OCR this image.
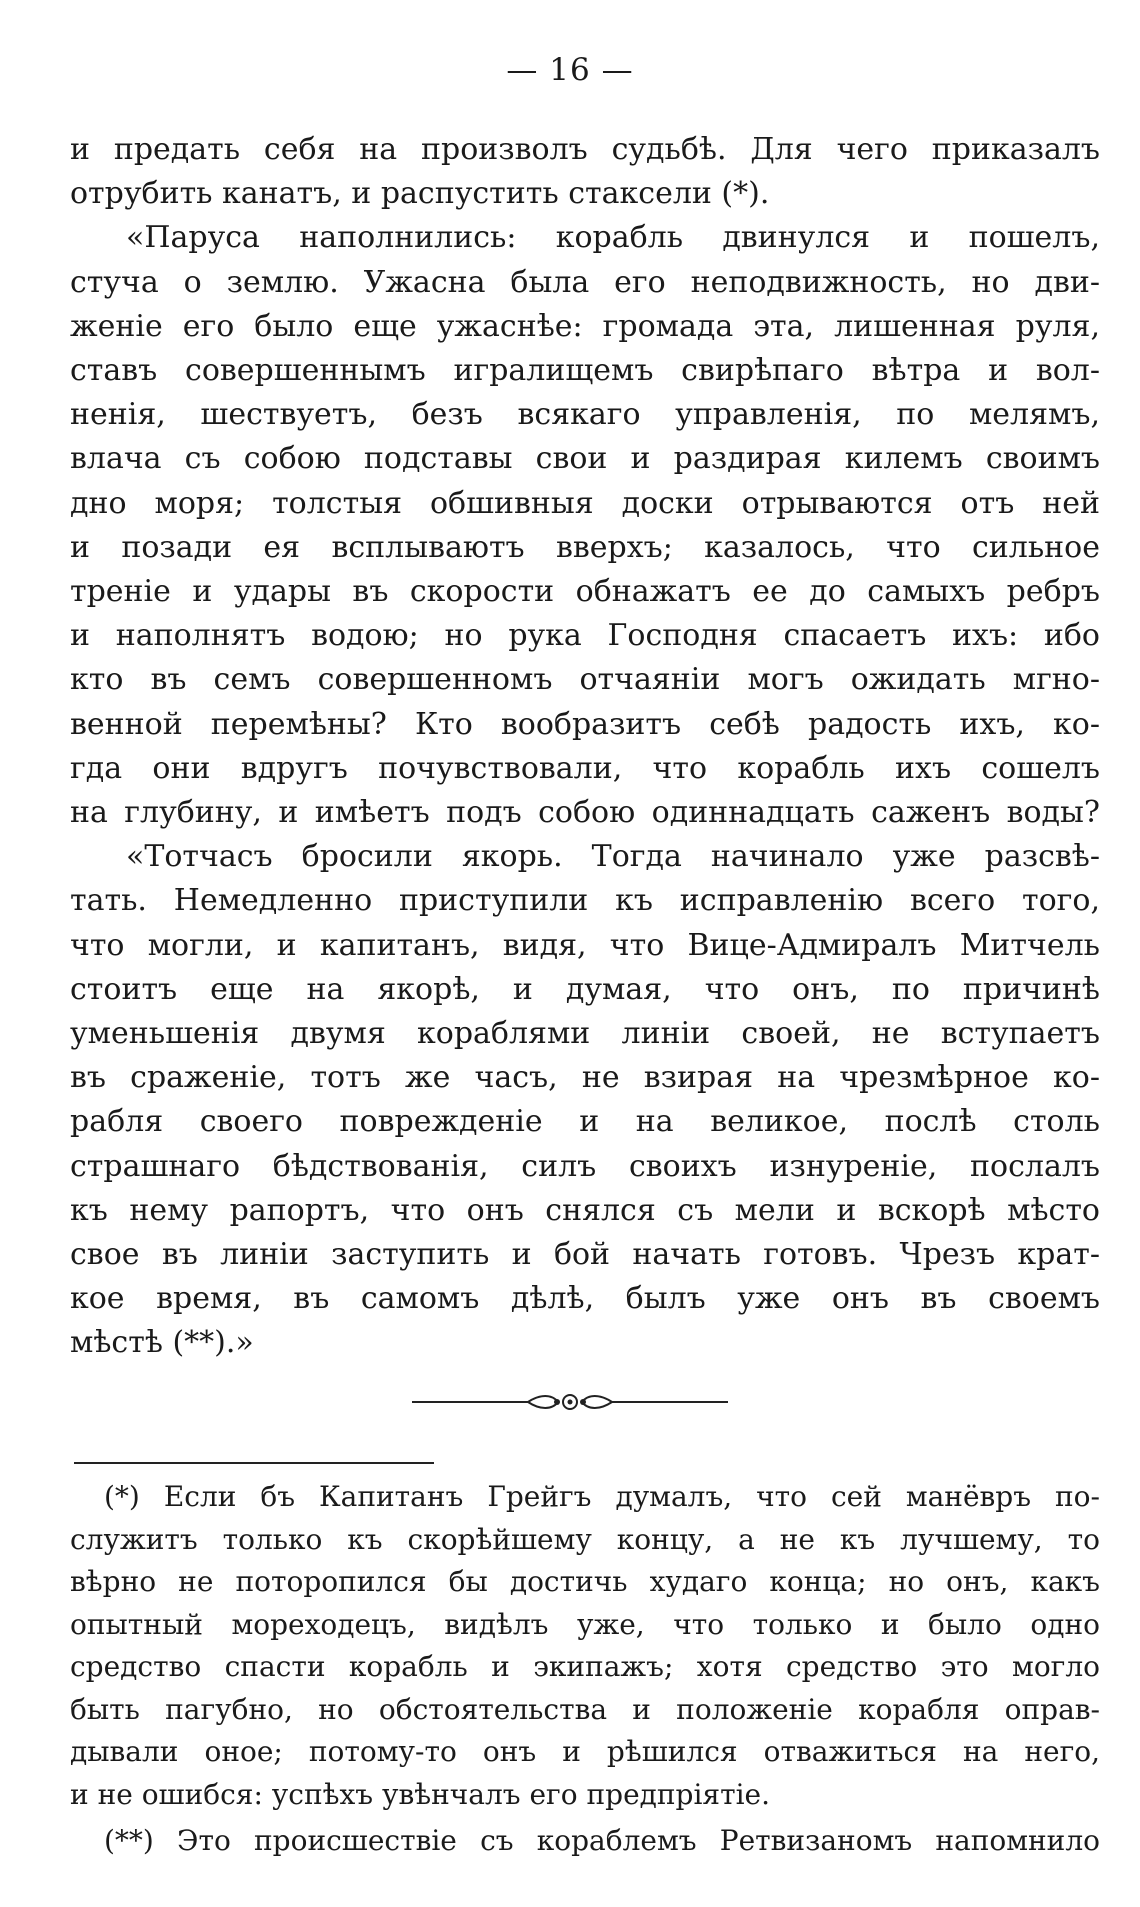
— 16 —
и предать себя на произволъ судьбѣ. Для чего приказалъ
отрубить канатъ, и распустить стаксели (*).
«Паруса наполнились: корабль двинулся и пошелъ,
стуча о землю. Ужасна была его неподвижность, но дви-
женіе его было еще ужаснѣе: громада эта, лишенная руля,
ставъ совершеннымъ игралищемъ свирѣпаго вѣтра и вол-
ненія, шествуетъ, безъ всякаго управленія, по мелямъ,
влача съ собою подставы свои и раздирая килемъ своимъ
дно моря; толстыя обшивныя доски отрываются отъ ней
и позади ея всплываютъ вверхъ; казалось, что сильное
треніе и удары въ скорости обнажатъ ее до самыхъ ребръ
и наполнятъ водою; но рука Господня спасаетъ ихъ: ибо
кто въ семъ совершенномъ отчаяніи могъ ожидать мгно-
венной перемѣны? Кто вообразитъ себѣ радость ихъ, ко-
гда они вдругъ почувствовали, что корабль ихъ сошелъ
на глубину, и имѣетъ подъ собою одиннадцать саженъ воды?
«Тотчасъ бросили якорь. Тогда начинало уже разсвѣ-
тать. Немедленно приступили къ исправленію всего того,
что могли, и капитанъ, видя, что Вице-Адмиралъ Митчель
стоитъ еще на якорѣ, и думая, что онъ, по причинѣ
уменьшенія двумя кораблями линіи своей, не вступаетъ
въ сраженіе, тотъ же часъ, не взирая на чрезмѣрное ко-
рабля своего поврежденіе и на великое, послѣ столь
страшнаго бѣдствованія, силъ своихъ изнуреніе, послалъ
къ нему рапортъ, что онъ снялся съ мели и вскорѣ мѣсто
свое въ линіи заступить и бой начать готовъ. Чрезъ крат-
кое время, въ самомъ дѣлѣ, былъ уже онъ въ своемъ
мѣстѣ (**).»
(*) Если бъ Капитанъ Грейгъ думалъ, что сей манёвръ по-
служитъ только къ скорѣйшему концу, а не къ лучшему, то
вѣрно не поторопился бы достичь худаго конца; но онъ, какъ
опытный мореходецъ, видѣлъ уже, что только и было одно
средство спасти корабль и экипажъ; хотя средство это могло
быть пагубно, но обстоятельства и положеніе корабля оправ-
дывали оное; потому-то онъ и рѣшился отважиться на него,
и не ошибся: успѣхъ увѣнчалъ его предпріятіе.
(**) Это происшествіе съ кораблемъ Ретвизаномъ напомнило
